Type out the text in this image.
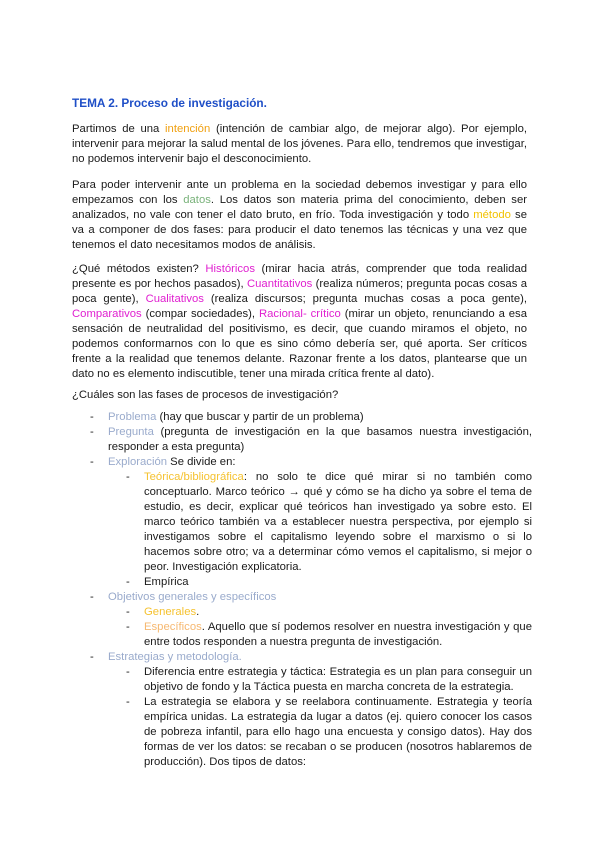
TEMA 2. Proceso de investigación.

Partimos de una intención (intención de cambiar algo, de mejorar algo). Por ejemplo, intervenir para mejorar la salud mental de los jóvenes. Para ello, tendremos que investigar, no podemos intervenir bajo el desconocimiento.

Para poder intervenir ante un problema en la sociedad debemos investigar y para ello empezamos con los datos. Los datos son materia prima del conocimiento, deben ser analizados, no vale con tener el dato bruto, en frío. Toda investigación y todo método se va a componer de dos fases: para producir el dato tenemos las técnicas y una vez que tenemos el dato necesitamos modos de análisis.

¿Qué métodos existen? Históricos (mirar hacia atrás, comprender que toda realidad presente es por hechos pasados), Cuantitativos (realiza números; pregunta pocas cosas a poca gente), Cualitativos (realiza discursos; pregunta muchas cosas a poca gente), Comparativos (compar sociedades), Racional- crítico (mirar un objeto, renunciando a esa sensación de neutralidad del positivismo, es decir, que cuando miramos el objeto, no podemos conformarnos con lo que es sino cómo debería ser, qué aporta. Ser críticos frente a la realidad que tenemos delante. Razonar frente a los datos, plantearse que un dato no es elemento indiscutible, tener una mirada crítica frente al dato).

¿Cuáles son las fases de procesos de investigación?

- Problema (hay que buscar y partir de un problema)
- Pregunta (pregunta de investigación en la que basamos nuestra investigación, responder a esta pregunta)
- Exploración Se divide en:
- Teórica/bibliográfica: no solo te dice qué mirar si no también como conceptuarlo. Marco teórico → qué y cómo se ha dicho ya sobre el tema de estudio, es decir, explicar qué teóricos han investigado ya sobre esto. El marco teórico también va a establecer nuestra perspectiva, por ejemplo si investigamos sobre el capitalismo leyendo sobre el marxismo o si lo hacemos sobre otro; va a determinar cómo vemos el capitalismo, si mejor o peor. Investigación explicatoria.
- Empírica
- Objetivos generales y específicos
- Generales.
- Específicos. Aquello que sí podemos resolver en nuestra investigación y que entre todos responden a nuestra pregunta de investigación.
- Estrategias y metodología.
- Diferencia entre estrategia y táctica: Estrategia es un plan para conseguir un objetivo de fondo y la Táctica puesta en marcha concreta de la estrategia.
- La estrategia se elabora y se reelabora continuamente. Estrategia y teoría empírica unidas. La estrategia da lugar a datos (ej. quiero conocer los casos de pobreza infantil, para ello hago una encuesta y consigo datos). Hay dos formas de ver los datos: se recaban o se producen (nosotros hablaremos de producción). Dos tipos de datos:
